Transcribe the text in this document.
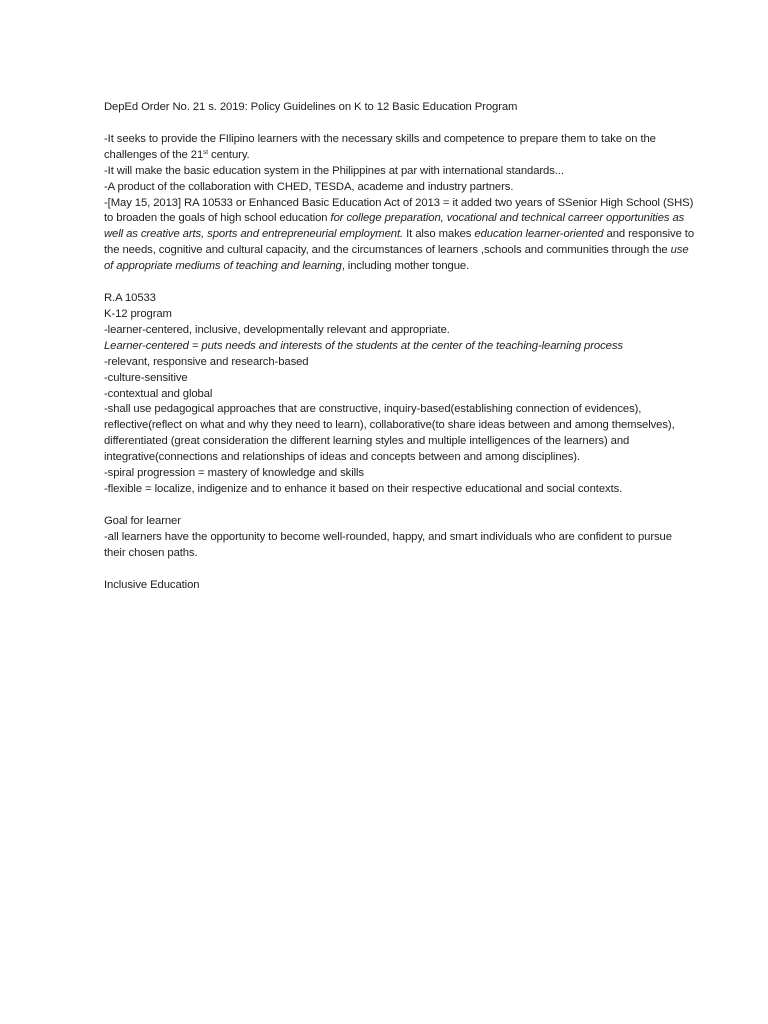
DepEd Order No. 21 s. 2019: Policy Guidelines on K to 12 Basic Education Program

-It seeks to provide the FIlipino learners with the necessary skills and competence to prepare them to take on the challenges of the 21st century.

-It will make the basic education system in the Philippines at par with international standards...

-A product of the collaboration with CHED, TESDA, academe and industry partners.

-[May 15, 2013] RA 10533 or Enhanced Basic Education Act of 2013 = it added two years of SSenior High School (SHS) to broaden the goals of high school education for college preparation, vocational and technical carreer opportunities as well as creative arts, sports and entrepreneurial employment. It also makes education learner-oriented and responsive to the needs, cognitive and cultural capacity, and the circumstances of learners ,schools and communities through the use of appropriate mediums of teaching and learning, including mother tongue.

R.A 10533

K-12 program

-learner-centered, inclusive, developmentally relevant and appropriate.

Learner-centered = puts needs and interests of the students at the center of the teaching-learning process

-relevant, responsive and research-based

-culture-sensitive

-contextual and global

-shall use pedagogical approaches that are constructive, inquiry-based(establishing connection of evidences), reflective(reflect on what and why they need to learn), collaborative(to share ideas between and among themselves), differentiated (great consideration the different learning styles and multiple intelligences of the learners) and integrative(connections and relationships of ideas and concepts between and among disciplines).

-spiral progression = mastery of knowledge and skills

-flexible = localize, indigenize and to enhance it based on their respective educational and social contexts.

Goal for learner

-all learners have the opportunity to become well-rounded, happy, and smart individuals who are confident to pursue their chosen paths.

Inclusive Education
